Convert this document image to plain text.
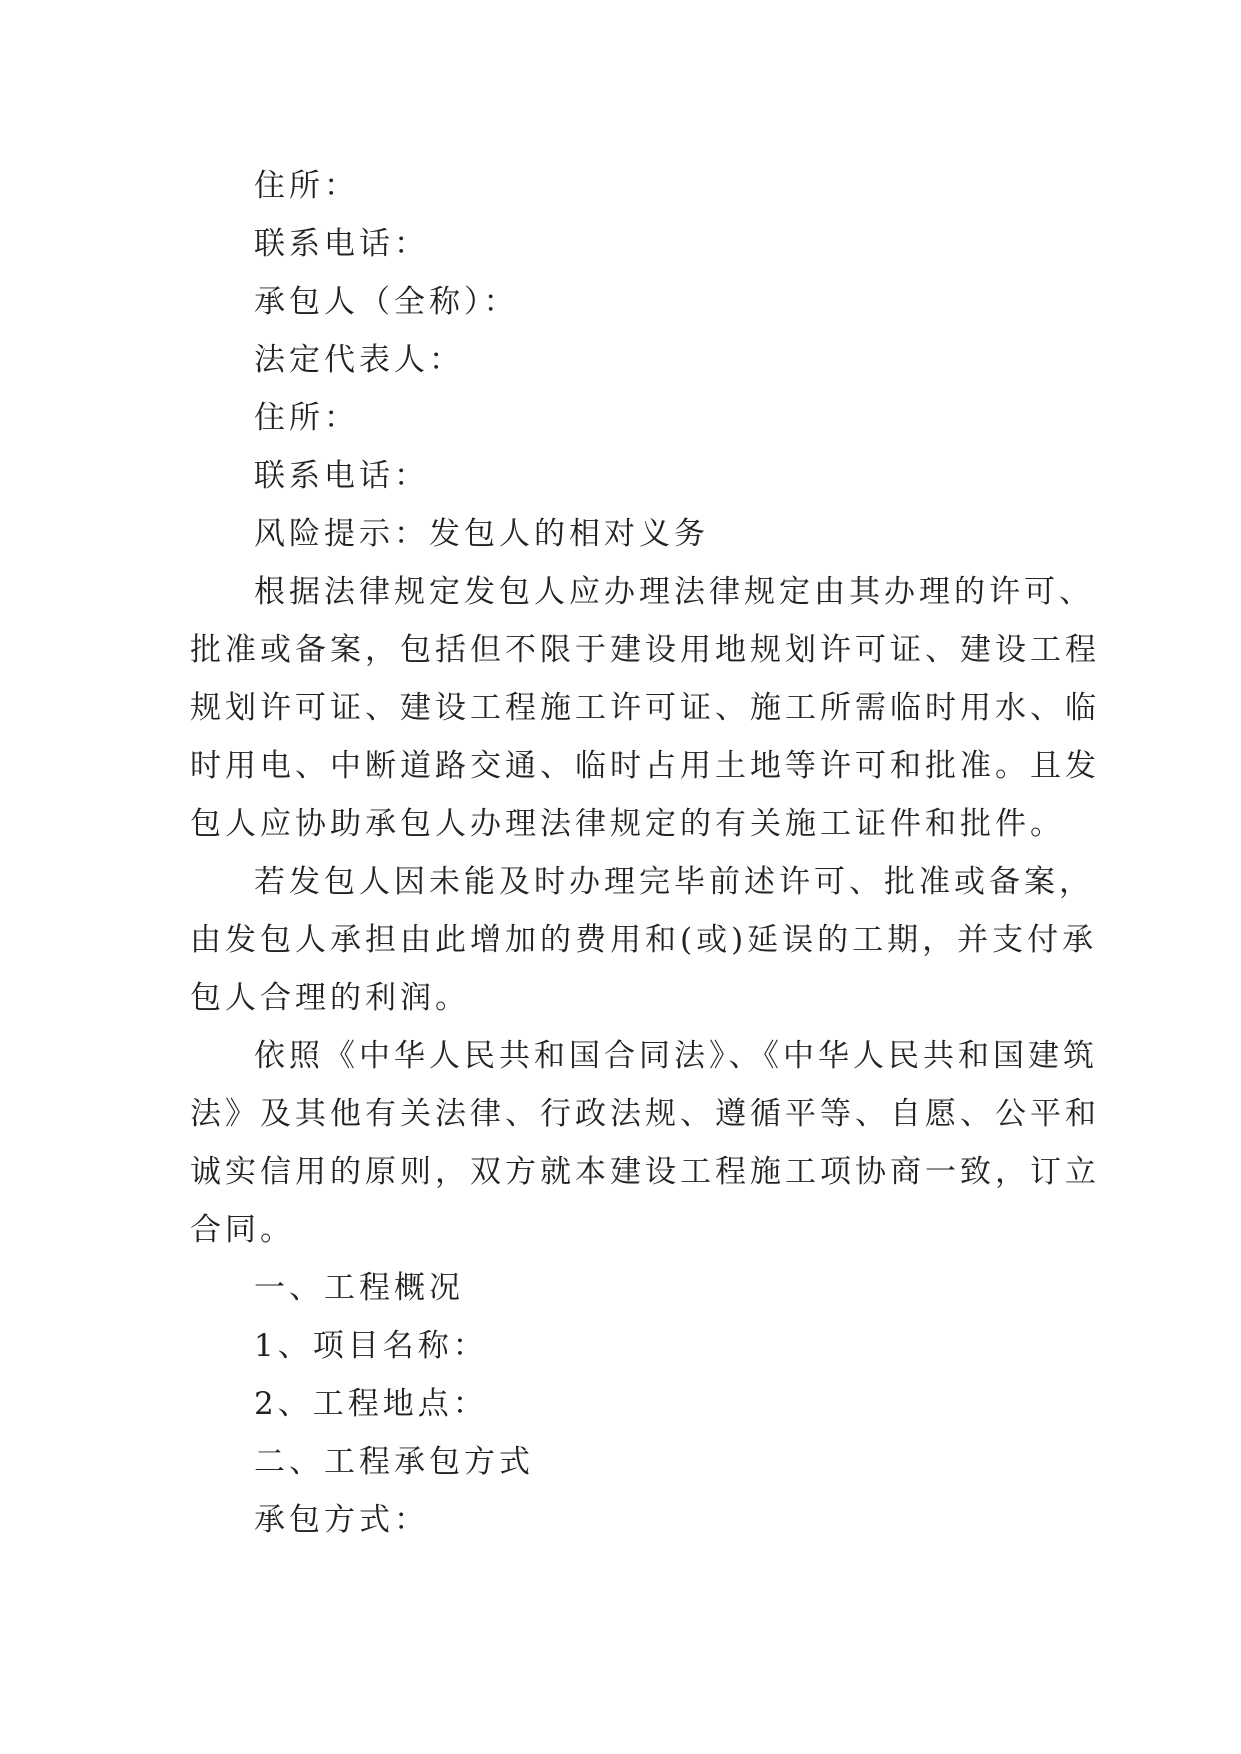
住所：
联系电话：
承包人（全称）：
法定代表人：
住所：
联系电话：
风险提示：发包人的相对义务
根据法律规定发包人应办理法律规定由其办理的许可、
批准或备案，包括但不限于建设用地规划许可证、建设工程
规划许可证、建设工程施工许可证、施工所需临时用水、临
时用电、中断道路交通、临时占用土地等许可和批准。且发
包人应协助承包人办理法律规定的有关施工证件和批件。
若发包人因未能及时办理完毕前述许可、批准或备案，
由发包人承担由此增加的费用和(或)延误的工期，并支付承
包人合理的利润。
依照《中华人民共和国合同法》、《中华人民共和国建筑
法》及其他有关法律、行政法规、遵循平等、自愿、公平和
诚实信用的原则，双方就本建设工程施工项协商一致，订立
合同。
一、工程概况
1、项目名称：
2、工程地点：
二、工程承包方式
承包方式：
